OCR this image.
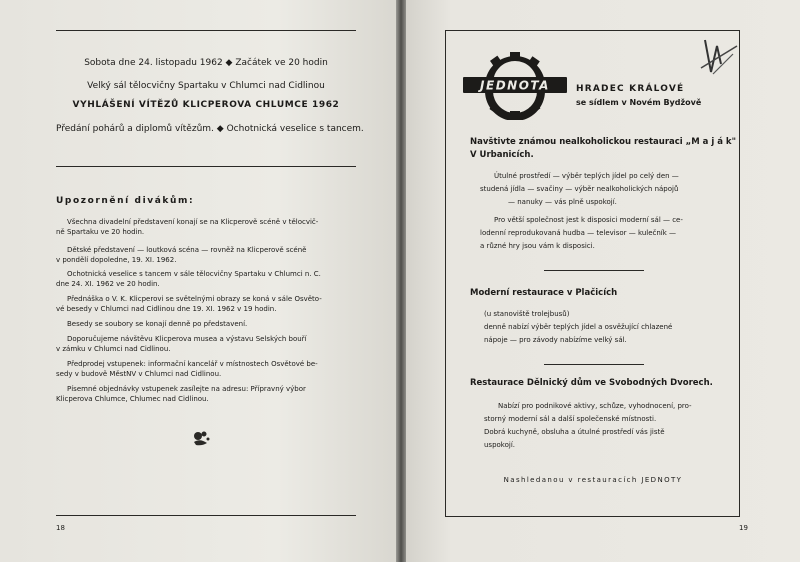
Sobota dne 24. listopadu 1962 ◆ Začátek ve 20 hodin
Velký sál tělocvičny Spartaku v Chlumci nad Cidlinou
VYHLÁŠENÍ VÍTĚZŮ KLICPEROVA CHLUMCE 1962
Předání pohárů a diplomů vítězům. ◆ Ochotnická veselice s tancem.
Upozornění divákům:
Všechna divadelní představení konají se na Klicperově scéně v tělocvič-
ně Spartaku ve 20 hodin.
Dětské představení — loutková scéna — rovněž na Klicperově scéně
v pondělí dopoledne, 19. XI. 1962.
Ochotnická veselice s tancem v sále tělocvičny Spartaku v Chlumci n. C.
dne 24. XI. 1962 ve 20 hodin.
Přednáška o V. K. Klicperovi se světelnými obrazy se koná v sále Osvěto-
vé besedy v Chlumci nad Cidlinou dne 19. XI. 1962 v 19 hodin.
Besedy se soubory se konají denně po představení.
Doporučujeme návštěvu Klicperova musea a výstavu Selských bouří
v zámku v Chlumci nad Cidlinou.
Předprodej vstupenek: informační kancelář v místnostech Osvětové be-
sedy v budově MěstNV v Chlumci nad Cidlinou.
Písemné objednávky vstupenek zasílejte na adresu: Přípravný výbor
Klicperova Chlumce, Chlumec nad Cidlinou.
18
JEDNOTA	HRADEC KRÁLOVÉ
se sídlem v Novém Bydžově
Navštivte známou nealkoholickou restauraci „M a j á k"
V Urbanicích.
Útulné prostředí — výběr teplých jídel po celý den —
studená jídla — svačiny — výběr nealkoholických nápojů
— nanuky — vás plně uspokojí.
Pro větší společnost jest k disposici moderní sál — ce-
lodenní reprodukovaná hudba — televisor — kulečník —
a různé hry jsou vám k disposici.
Moderní restaurace v Plačicích
(u stanoviště trolejbusů)
denně nabízí výběr teplých jídel a osvěžující chlazené
nápoje — pro závody nabízíme velký sál.
Restaurace Dělnický dům ve Svobodných Dvorech.
Nabízí pro podnikové aktivy, schůze, vyhodnocení, pro-
storný moderní sál a další společenské místnosti.
Dobrá kuchyně, obsluha a útulné prostředí vás jistě
uspokojí.
Nashledanou v restauracích JEDNOTY
19
